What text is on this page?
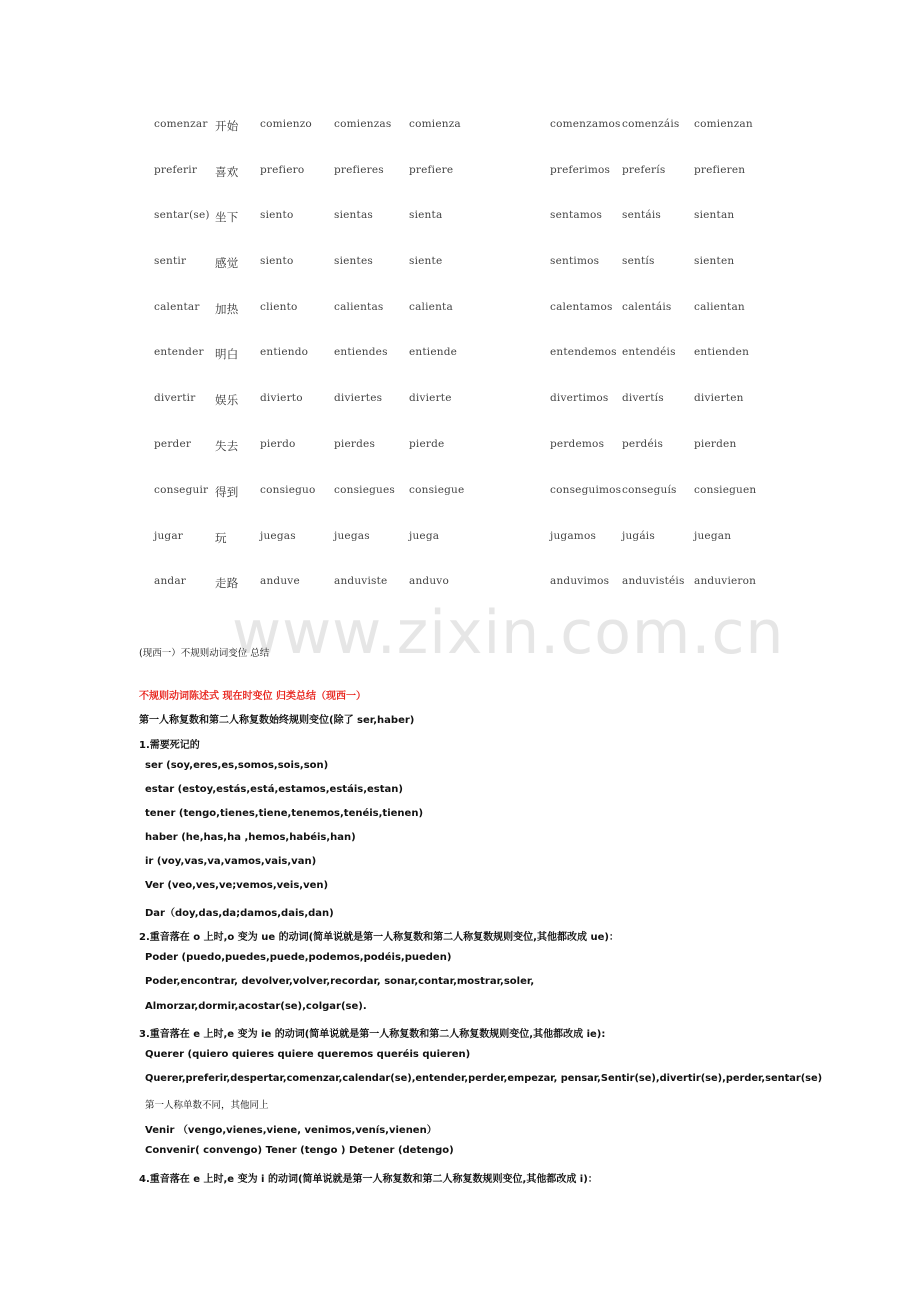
comenzar 开始 comienzo comienzas comienza	comenzamos comenzáis comienzan
preferir 喜欢 prefiero	prefieres prefiere	preferimos preferís	prefieren
sentar(se) 坐下 siento	sientas	sienta	sentamos sentáis	sientan
sentir	感觉 siento	sientes	siente	sentimos sentís	sienten
calentar 加热 cliento	calientas calienta	calentamos calentáis calientan
entender 明白 entiendo entiendes entiende	entendemos entendéis entienden
divertir 娱乐 divierto	diviertes	divierte	divertimos divertís	divierten
perder 失去 pierdo	pierdes	pierde	perdemos perdéis	pierden
conseguir 得到 consieguo consiegues consiegue	conseguimos conseguís consieguen
jugar	玩	juegas	juegas	juega	jugamos jugáis	juegan
andar	走路 anduve	anduviste anduvo	anduvimos anduvistéis anduvieron
www.zixin.com.cn
(现西一）不规则动词变位 总结
不规则动词陈述式 现在时变位 归类总结（现西一）
第一人称复数和第二人称复数始终规则变位(除了 ser,haber)
1.需要死记的
ser (soy,eres,es,somos,sois,son)
estar (estoy,estás,está,estamos,estáis,estan)
tener (tengo,tienes,tiene,tenemos,tenéis,tienen)
haber (he,has,ha ,hemos,habéis,han)
ir (voy,vas,va,vamos,vais,van)
Ver (veo,ves,ve;vemos,veis,ven)
Dar（doy,das,da;damos,dais,dan)
2.重音落在 o 上时,o 变为 ue 的动词(简单说就是第一人称复数和第二人称复数规则变位,其他都改成 ue)：
Poder (puedo,puedes,puede,podemos,podéis,pueden)
Poder,encontrar, devolver,volver,recordar, sonar,contar,mostrar,soler,
Almorzar,dormir,acostar(se),colgar(se).
3.重音落在 e 上时,e 变为 ie 的动词(简单说就是第一人称复数和第二人称复数规则变位,其他都改成 ie):
Querer (quiero quieres quiere queremos queréis quieren)
Querer,preferir,despertar,comenzar,calendar(se),entender,perder,empezar, pensar,Sentir(se),divertir(se),perder,sentar(se)
第一人称单数不同，其他同上
Venir （vengo,vienes,viene, venimos,venís,vienen）
Convenir( convengo) Tener (tengo ) Detener (detengo)
4.重音落在 e 上时,e 变为 i 的动词(简单说就是第一人称复数和第二人称复数规则变位,其他都改成 i)：
